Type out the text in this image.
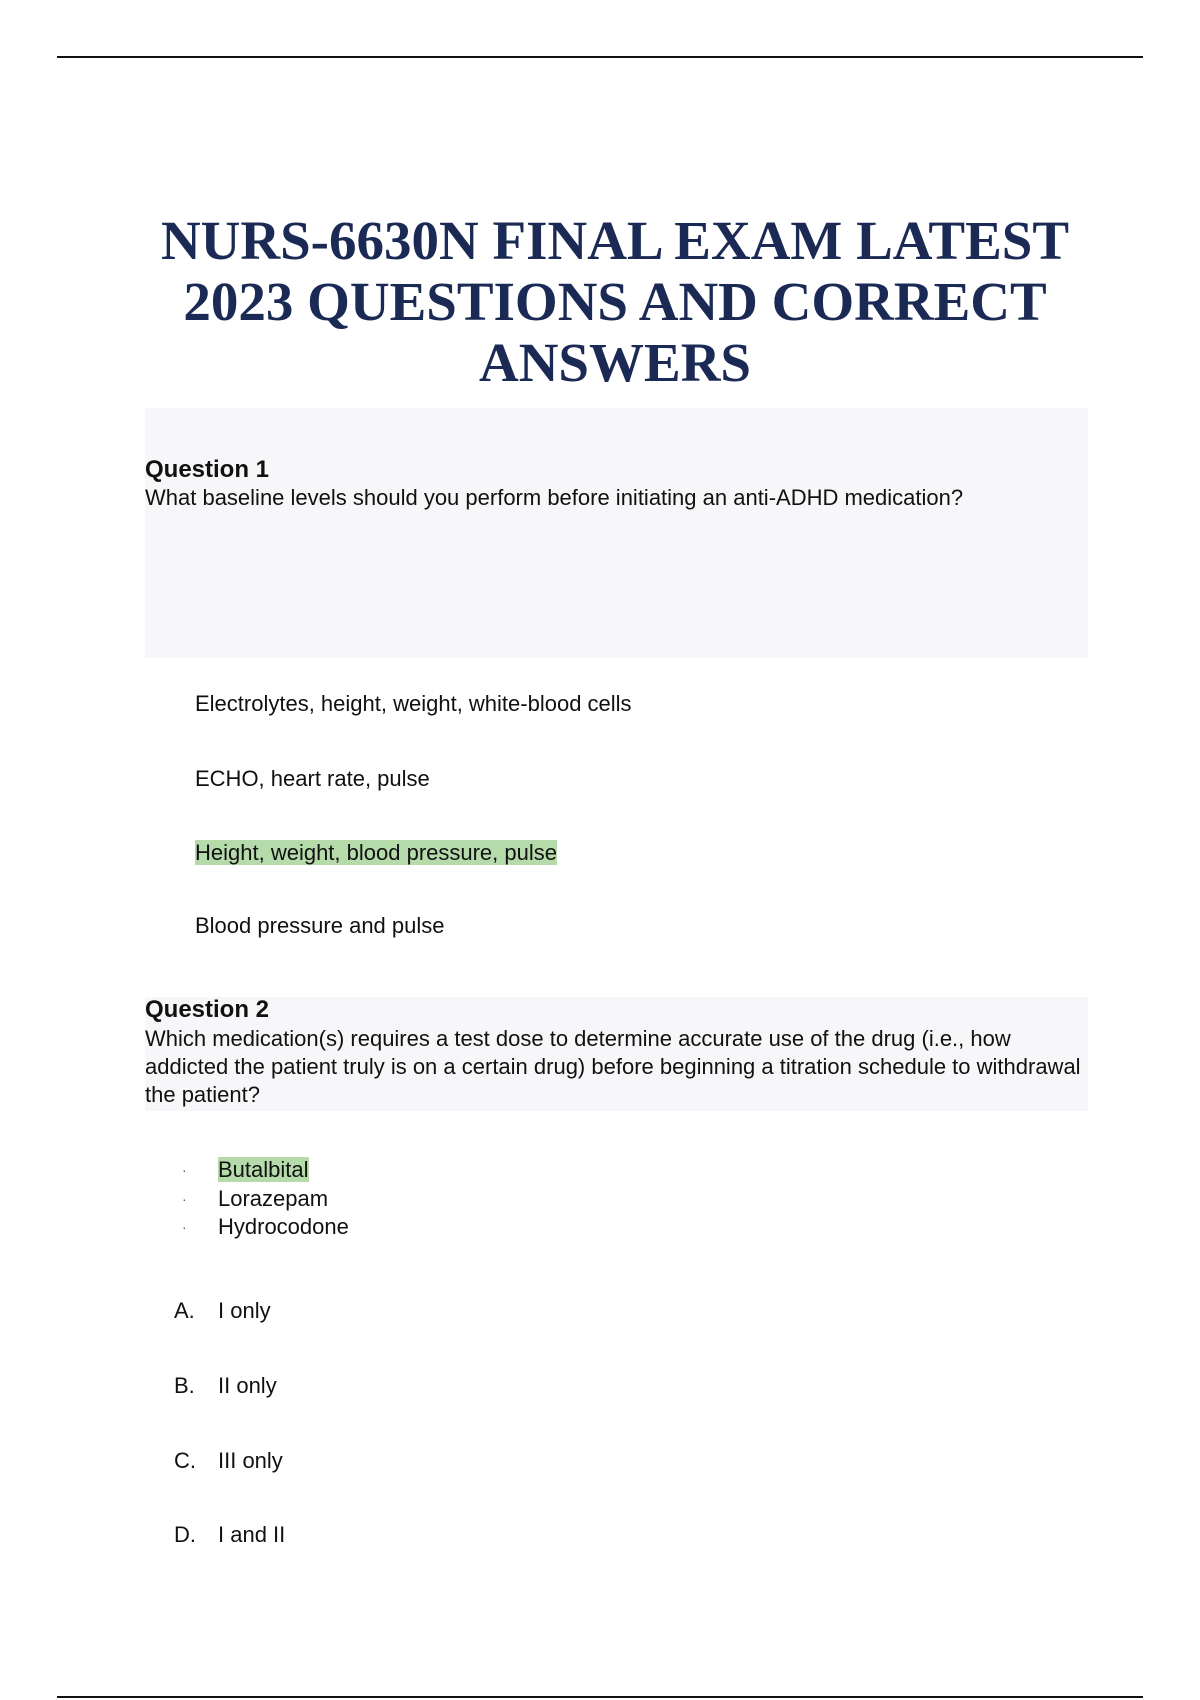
NURS-6630N FINAL EXAM LATEST 2023 QUESTIONS AND CORRECT ANSWERS

Question 1

What baseline levels should you perform before initiating an anti-ADHD medication?

Electrolytes, height, weight, white-blood cells
ECHO, heart rate, pulse
Height, weight, blood pressure, pulse
Blood pressure and pulse

Question 2

Which medication(s) requires a test dose to determine accurate use of the drug (i.e., how addicted the patient truly is on a certain drug) before beginning a titration schedule to withdrawal the patient?

· Butalbital
· Lorazepam
· Hydrocodone
A. I only
B. II only
C. III only
D. I and II
